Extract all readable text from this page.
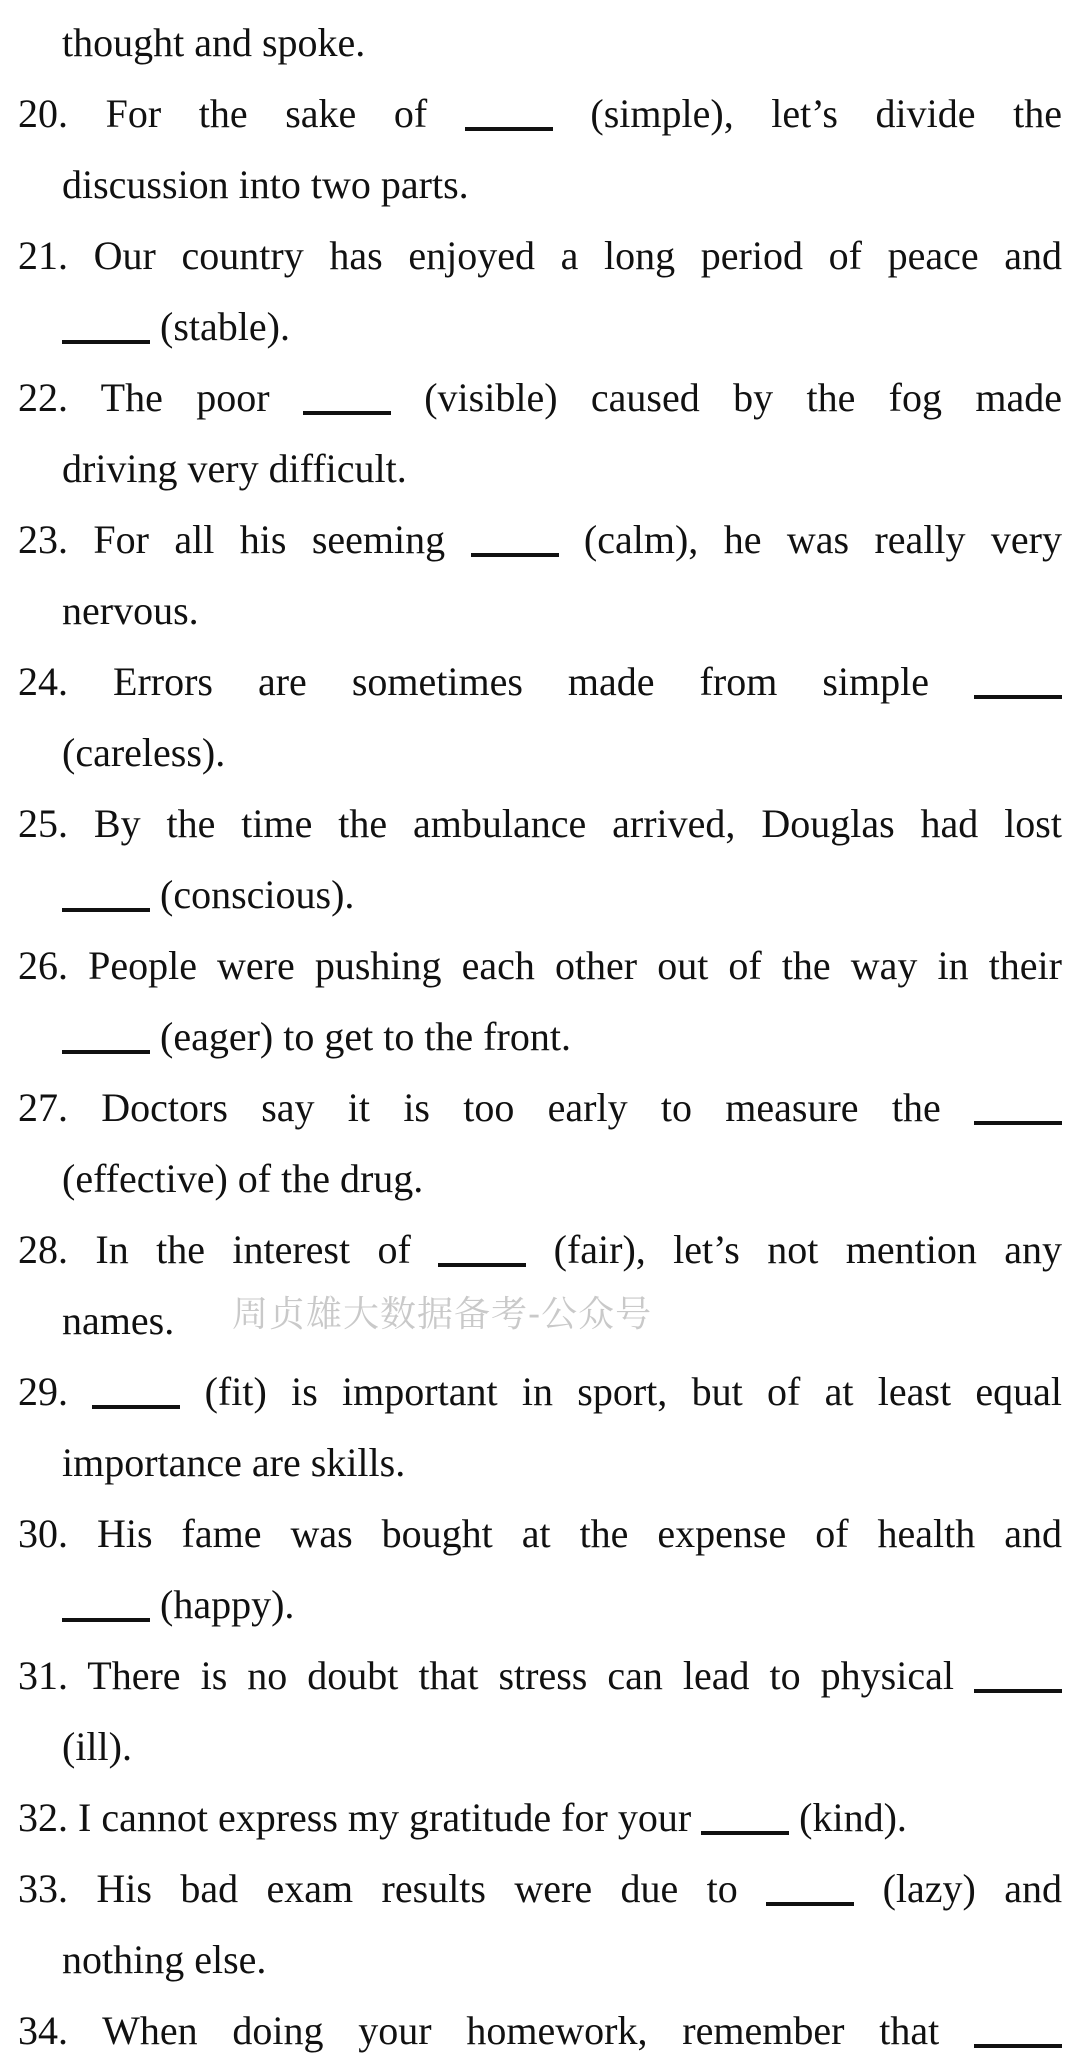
thought and spoke.
20. For the sake of  (simple), let’s divide the
discussion into two parts.
21. Our country has enjoyed a long period of peace and
(stable).
22. The poor  (visible) caused by the fog made
driving very difficult.
23. For all his seeming  (calm), he was really very
nervous.
24. Errors are sometimes made from simple
(careless).
25. By the time the ambulance arrived, Douglas had lost
(conscious).
26. People were pushing each other out of the way in their
(eager) to get to the front.
27. Doctors say it is too early to measure the
(effective) of the drug.
28. In the interest of  (fair), let’s not mention any
names.
29.  (fit) is important in sport, but of at least equal
importance are skills.
30. His fame was bought at the expense of health and
(happy).
31. There is no doubt that stress can lead to physical
(ill).
32. I cannot express my gratitude for your  (kind).
33. His bad exam results were due to  (lazy) and
nothing else.
34. When doing your homework, remember that
周贞雄大数据备考-公众号
